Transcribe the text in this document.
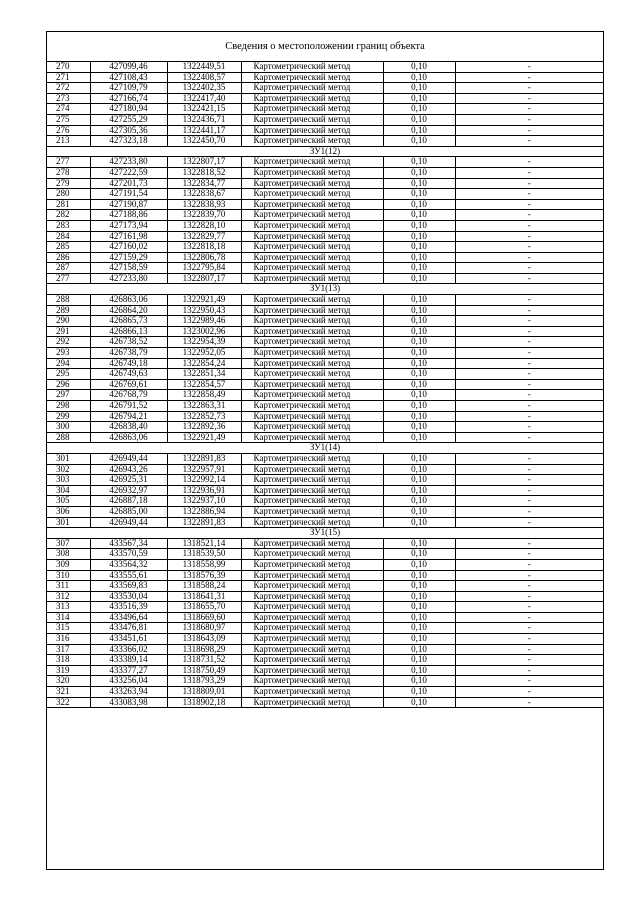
Сведения о местоположении границ объекта
270	427099,46	1322449,51	Картометрический метод	0,10	-
271	427108,43	1322408,57	Картометрический метод	0,10	-
272	427109,79	1322402,35	Картометрический метод	0,10	-
273	427166,74	1322417,40	Картометрический метод	0,10	-
274	427180,94	1322421,15	Картометрический метод	0,10	-
275	427255,29	1322436,71	Картометрический метод	0,10	-
276	427305,36	1322441,17	Картометрический метод	0,10	-
213	427323,18	1322450,70	Картометрический метод	0,10	-
ЗУ1(12)					
277	427233,80	1322807,17	Картометрический метод	0,10	-
278	427222,59	1322818,52	Картометрический метод	0,10	-
279	427201,73	1322834,77	Картометрический метод	0,10	-
280	427191,54	1322838,67	Картометрический метод	0,10	-
281	427190,87	1322838,93	Картометрический метод	0,10	-
282	427188,86	1322839,70	Картометрический метод	0,10	-
283	427173,94	1322828,10	Картометрический метод	0,10	-
284	427161,98	1322829,77	Картометрический метод	0,10	-
285	427160,02	1322818,18	Картометрический метод	0,10	-
286	427159,29	1322806,78	Картометрический метод	0,10	-
287	427158,59	1322795,84	Картометрический метод	0,10	-
277	427233,80	1322807,17	Картометрический метод	0,10	-
ЗУ1(13)					
288	426863,06	1322921,49	Картометрический метод	0,10	-
289	426864,20	1322950,43	Картометрический метод	0,10	-
290	426865,73	1322989,46	Картометрический метод	0,10	-
291	426866,13	1323002,96	Картометрический метод	0,10	-
292	426738,52	1322954,39	Картометрический метод	0,10	-
293	426738,79	1322952,05	Картометрический метод	0,10	-
294	426749,18	1322854,24	Картометрический метод	0,10	-
295	426749,63	1322851,34	Картометрический метод	0,10	-
296	426769,61	1322854,57	Картометрический метод	0,10	-
297	426768,79	1322858,49	Картометрический метод	0,10	-
298	426791,52	1322863,31	Картометрический метод	0,10	-
299	426794,21	1322852,73	Картометрический метод	0,10	-
300	426838,40	1322892,36	Картометрический метод	0,10	-
288	426863,06	1322921,49	Картометрический метод	0,10	-
ЗУ1(14)					
301	426949,44	1322891,83	Картометрический метод	0,10	-
302	426943,26	1322957,91	Картометрический метод	0,10	-
303	426925,31	1322992,14	Картометрический метод	0,10	-
304	426932,97	1322936,91	Картометрический метод	0,10	-
305	426887,18	1322937,10	Картометрический метод	0,10	-
306	426885,00	1322886,94	Картометрический метод	0,10	-
301	426949,44	1322891,83	Картометрический метод	0,10	-
ЗУ1(15)					
307	433567,34	1318521,14	Картометрический метод	0,10	-
308	433570,59	1318539,50	Картометрический метод	0,10	-
309	433564,32	1318558,99	Картометрический метод	0,10	-
310	433555,61	1318576,39	Картометрический метод	0,10	-
311	433569,83	1318588,24	Картометрический метод	0,10	-
312	433530,04	1318641,31	Картометрический метод	0,10	-
313	433516,39	1318655,70	Картометрический метод	0,10	-
314	433496,64	1318669,60	Картометрический метод	0,10	-
315	433476,81	1318680,97	Картометрический метод	0,10	-
316	433451,61	1318643,09	Картометрический метод	0,10	-
317	433366,02	1318698,29	Картометрический метод	0,10	-
318	433389,14	1318731,52	Картометрический метод	0,10	-
319	433377,27	1318750,49	Картометрический метод	0,10	-
320	433256,04	1318793,29	Картометрический метод	0,10	-
321	433263,94	1318809,01	Картометрический метод	0,10	-
322	433083,98	1318902,18	Картометрический метод	0,10	-
